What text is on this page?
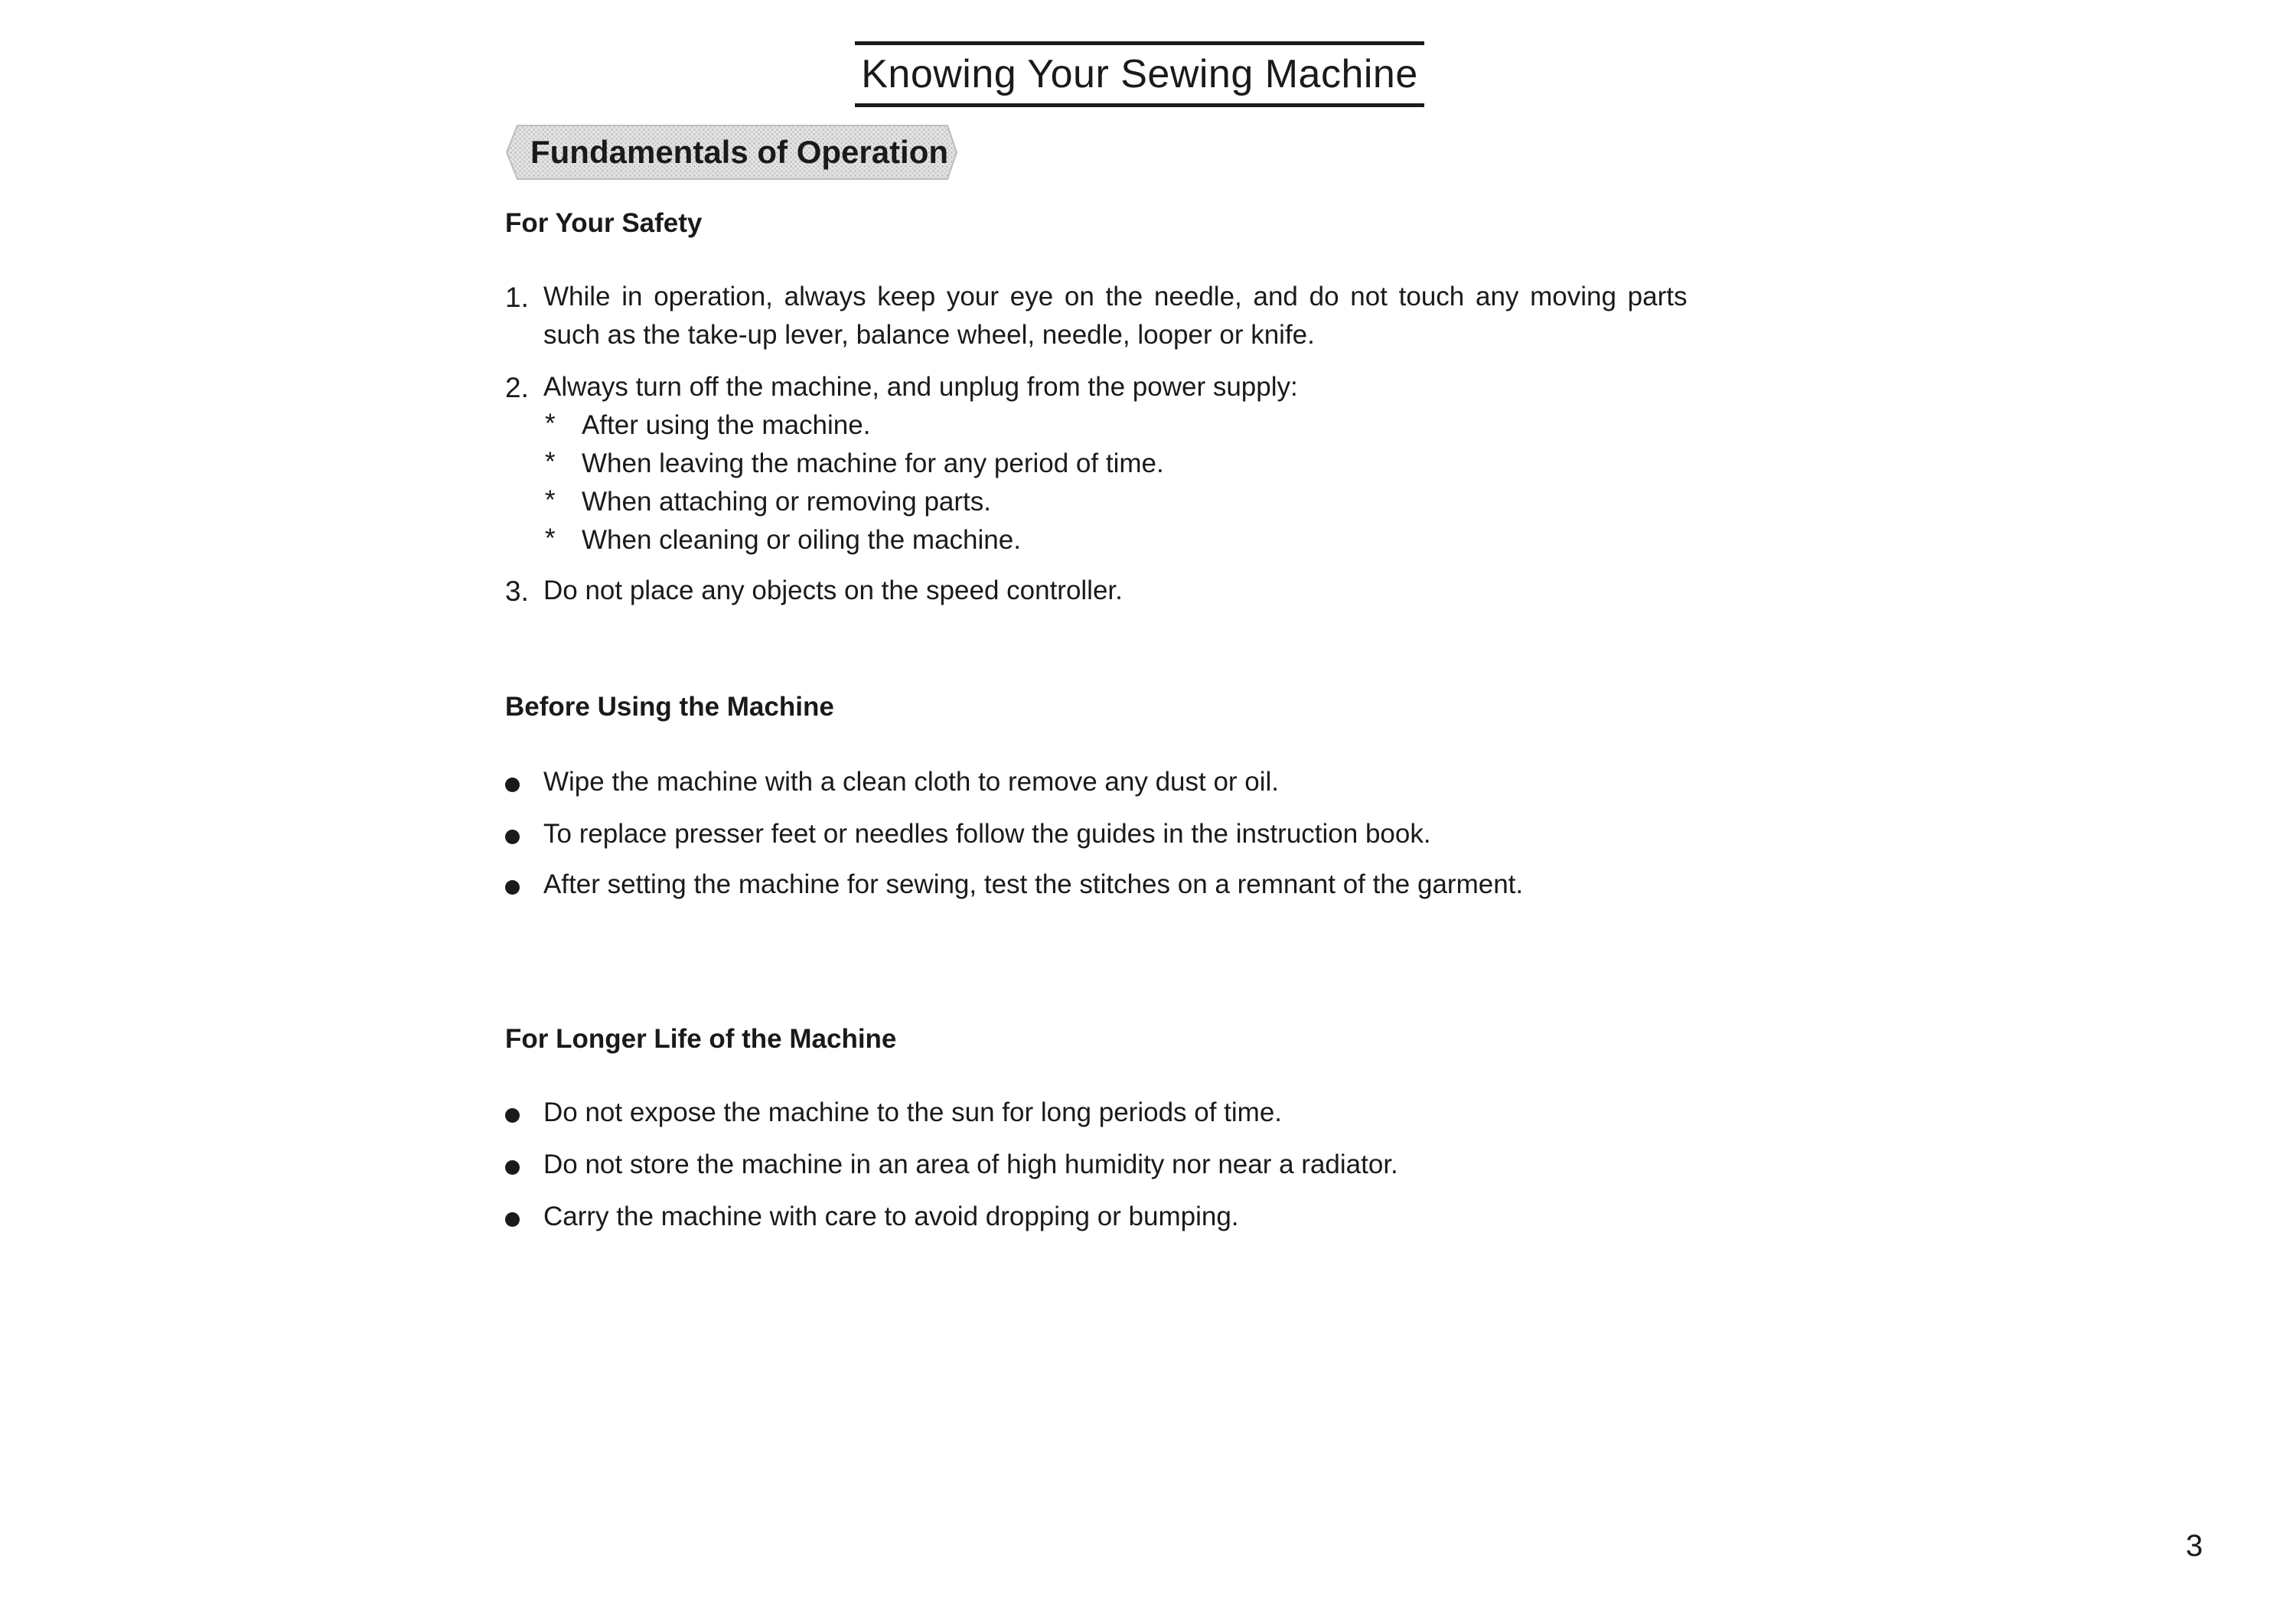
Knowing Your Sewing Machine
Fundamentals of Operation
For Your Safety
1. While in operation, always keep your eye on the needle, and do not touch any moving parts
such as the take-up lever, balance wheel, needle, looper or knife.
2. Always turn off the machine, and unplug from the power supply:
* After using the machine.
* When leaving the machine for any period of time.
* When attaching or removing parts.
* When cleaning or oiling the machine.
3. Do not place any objects on the speed controller.
Before Using the Machine
Wipe the machine with a clean cloth to remove any dust or oil.
To replace presser feet or needles follow the guides in the instruction book.
After setting the machine for sewing, test the stitches on a remnant of the garment.
For Longer Life of the Machine
Do not expose the machine to the sun for long periods of time.
Do not store the machine in an area of high humidity nor near a radiator.
Carry the machine with care to avoid dropping or bumping.
3
